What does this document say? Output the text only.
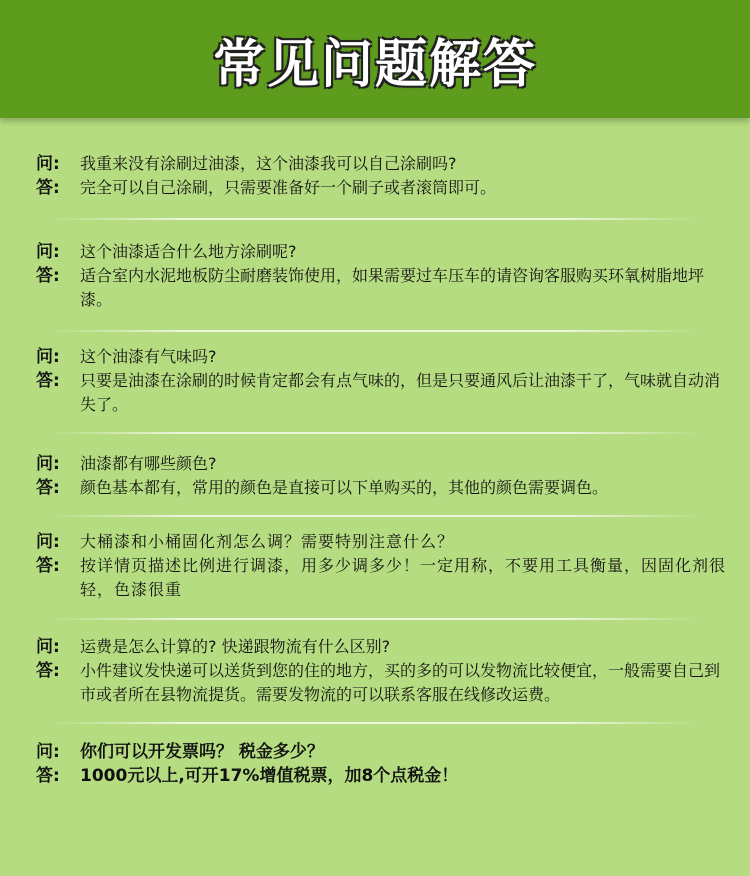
常见问题解答
问:	我重来没有涂刷过油漆，这个油漆我可以自己涂刷吗?
答:	完全可以自己涂刷，只需要准备好一个刷子或者滚筒即可。
问:	这个油漆适合什么地方涂刷呢?
答:	适合室内水泥地板防尘耐磨装饰使用，如果需要过车压车的请咨询客服购买环氧树脂地坪漆。
问:	这个油漆有气味吗?
答:	只要是油漆在涂刷的时候肯定都会有点气味的，但是只要通风后让油漆干了，气味就自动消失了。
问:	油漆都有哪些颜色?
答:	颜色基本都有，常用的颜色是直接可以下单购买的，其他的颜色需要调色。
问:	大桶漆和小桶固化剂怎么调？需要特别注意什么？
答:	按详情页描述比例进行调漆，用多少调多少！一定用称，不要用工具衡量，因固化剂很轻，色漆很重
问:	运费是怎么计算的? 快递跟物流有什么区别?
答:	小件建议发快递可以送货到您的住的地方，买的多的可以发物流比较便宜，一般需要自己到市或者所在县物流提货。需要发物流的可以联系客服在线修改运费。
问:	你们可以开发票吗？ 税金多少？
答:	1000元以上,可开17%增值税票，加8个点税金！
